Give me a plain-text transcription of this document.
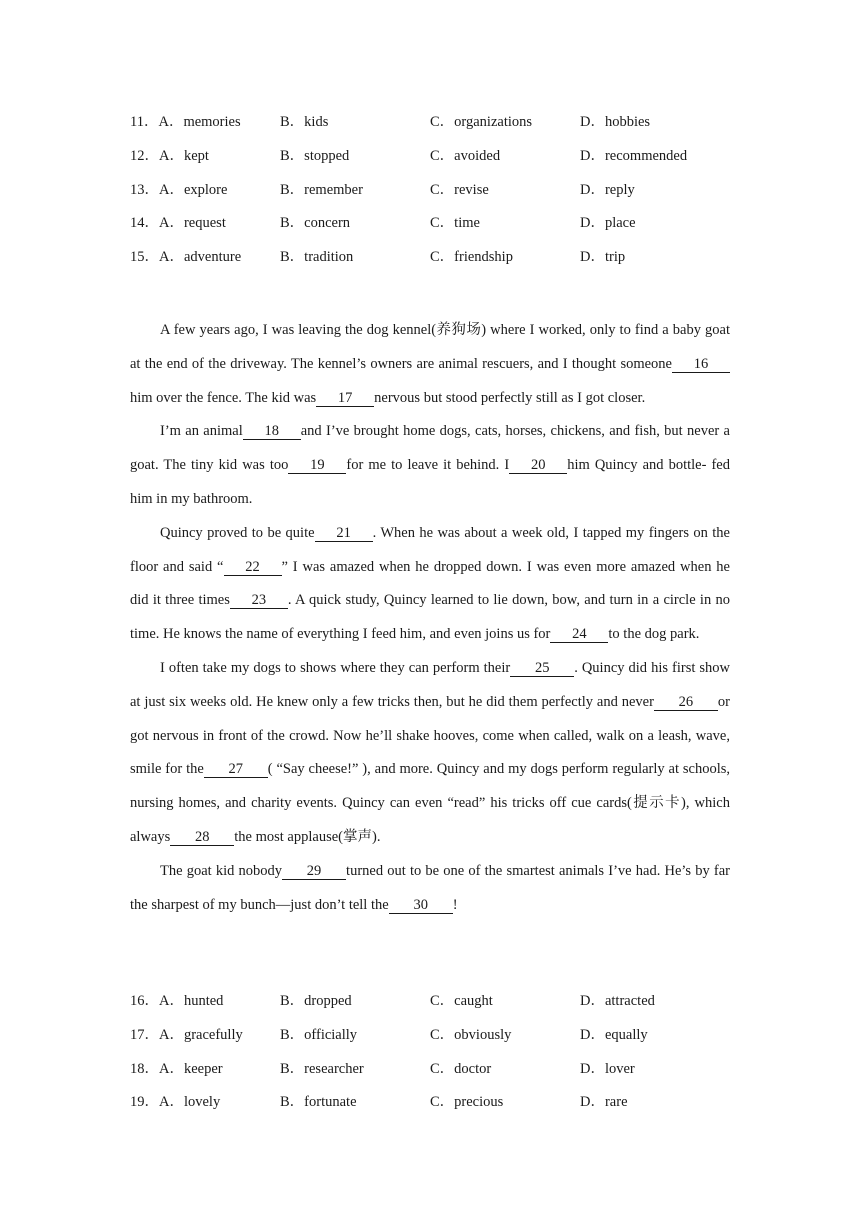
11．A．memories	B．kids	C．organizations	D．hobbies
12．A．kept	B．stopped	C．avoided	D．recommended
13．A．explore	B．remember	C．revise	D．reply
14．A．request	B．concern	C．time	D．place
15．A．adventure	B．tradition	C．friendship	D．trip

A few years ago, I was leaving the dog kennel(养狗场) where I worked, only to find a baby goat at the end of the driveway. The kennel’s owners are animal rescuers, and I thought someone 16him over the fence. The kid was 17 nervous but stood perfectly still as I got closer.

I’m an animal 18 and I’ve brought home dogs, cats, horses, chickens, and fish, but never a goat. The tiny kid was too 19 for me to leave it behind. I 20 him Quincy and bottle- fed him in my bathroom.

Quincy proved to be quite 21 . When he was about a week old, I tapped my fingers on the floor and said “ 22 ” I was amazed when he dropped down. I was even more amazed when he did it three times 23 . A quick study, Quincy learned to lie down, bow, and turn in a circle in no time. He knows the name of everything I feed him, and even joins us for 24 to the dog park.

I often take my dogs to shows where they can perform their 25 . Quincy did his first show at just six weeks old. He knew only a few tricks then, but he did them perfectly and never 26 or got nervous in front of the crowd. Now he’ll shake hooves, come when called, walk on a leash, wave, smile for the 27 ( “Say cheese!” ), and more. Quincy and my dogs perform regularly at schools, nursing homes, and charity events. Quincy can even “read” his tricks off cue cards(提示卡), which always 28 the most applause(掌声).

The goat kid nobody 29 turned out to be one of the smartest animals I’ve had. He’s by far the sharpest of my bunch—just don’t tell the 30 !

16．A．hunted	B．dropped	C．caught	D．attracted
17．A．gracefully	B．officially	C．obviously	D．equally
18．A．keeper	B．researcher	C．doctor	D．lover
19．A．lovely	B．fortunate	C．precious	D．rare
